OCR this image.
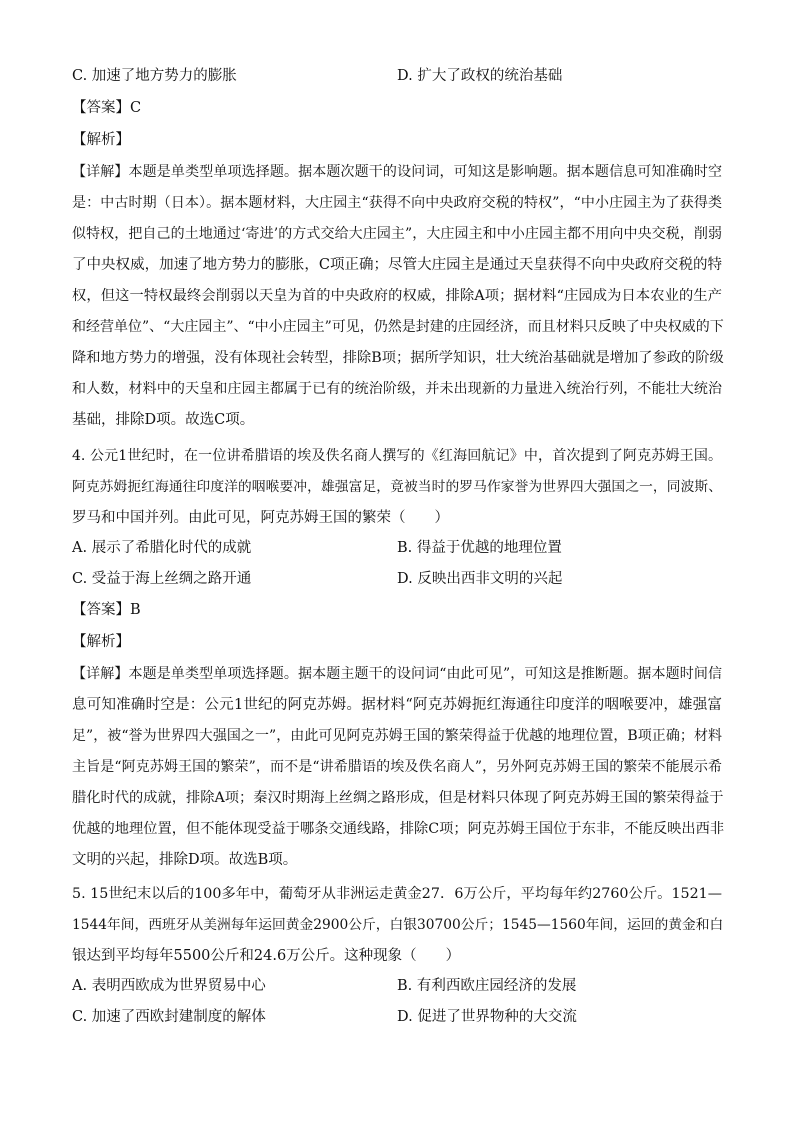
C. 加速了地方势力的膨胀	D. 扩大了政权的统治基础
【答案】C
【解析】
【详解】本题是单类型单项选择题。据本题次题干的设问词，可知这是影响题。据本题信息可知准确时空
是：中古时期（日本）。据本题材料，大庄园主“获得不向中央政府交税的特权”，“中小庄园主为了获得类
似特权，把自己的土地通过‘寄进’的方式交给大庄园主”，大庄园主和中小庄园主都不用向中央交税，削弱
了中央权威，加速了地方势力的膨胀，C项正确；尽管大庄园主是通过天皇获得不向中央政府交税的特
权，但这一特权最终会削弱以天皇为首的中央政府的权威，排除A项；据材料“庄园成为日本农业的生产
和经营单位”、“大庄园主”、“中小庄园主”可见，仍然是封建的庄园经济，而且材料只反映了中央权威的下
降和地方势力的增强，没有体现社会转型，排除B项；据所学知识，壮大统治基础就是增加了参政的阶级
和人数，材料中的天皇和庄园主都属于已有的统治阶级，并未出现新的力量进入统治行列，不能壮大统治
基础，排除D项。故选C项。
4. 公元1世纪时，在一位讲希腊语的埃及佚名商人撰写的《红海回航记》中，首次提到了阿克苏姆王国。
阿克苏姆扼红海通往印度洋的咽喉要冲，雄强富足，竟被当时的罗马作家誉为世界四大强国之一，同波斯、
罗马和中国并列。由此可见，阿克苏姆王国的繁荣（　　）
A. 展示了希腊化时代的成就	B. 得益于优越的地理位置
C. 受益于海上丝绸之路开通	D. 反映出西非文明的兴起
【答案】B
【解析】
【详解】本题是单类型单项选择题。据本题主题干的设问词“由此可见”，可知这是推断题。据本题时间信
息可知准确时空是：公元1世纪的阿克苏姆。据材料“阿克苏姆扼红海通往印度洋的咽喉要冲，雄强富
足”，被“誉为世界四大强国之一”，由此可见阿克苏姆王国的繁荣得益于优越的地理位置，B项正确；材料
主旨是“阿克苏姆王国的繁荣”，而不是“讲希腊语的埃及佚名商人”，另外阿克苏姆王国的繁荣不能展示希
腊化时代的成就，排除A项；秦汉时期海上丝绸之路形成，但是材料只体现了阿克苏姆王国的繁荣得益于
优越的地理位置，但不能体现受益于哪条交通线路，排除C项；阿克苏姆王国位于东非，不能反映出西非
文明的兴起，排除D项。故选B项。
5. 15世纪末以后的100多年中，葡萄牙从非洲运走黄金27．6万公斤，平均每年约2760公斤。1521—
1544年间，西班牙从美洲每年运回黄金2900公斤，白银30700公斤；1545—1560年间，运回的黄金和白
银达到平均每年5500公斤和24.6万公斤。这种现象（　　）
A. 表明西欧成为世界贸易中心	B. 有利西欧庄园经济的发展
C. 加速了西欧封建制度的解体	D. 促进了世界物种的大交流
